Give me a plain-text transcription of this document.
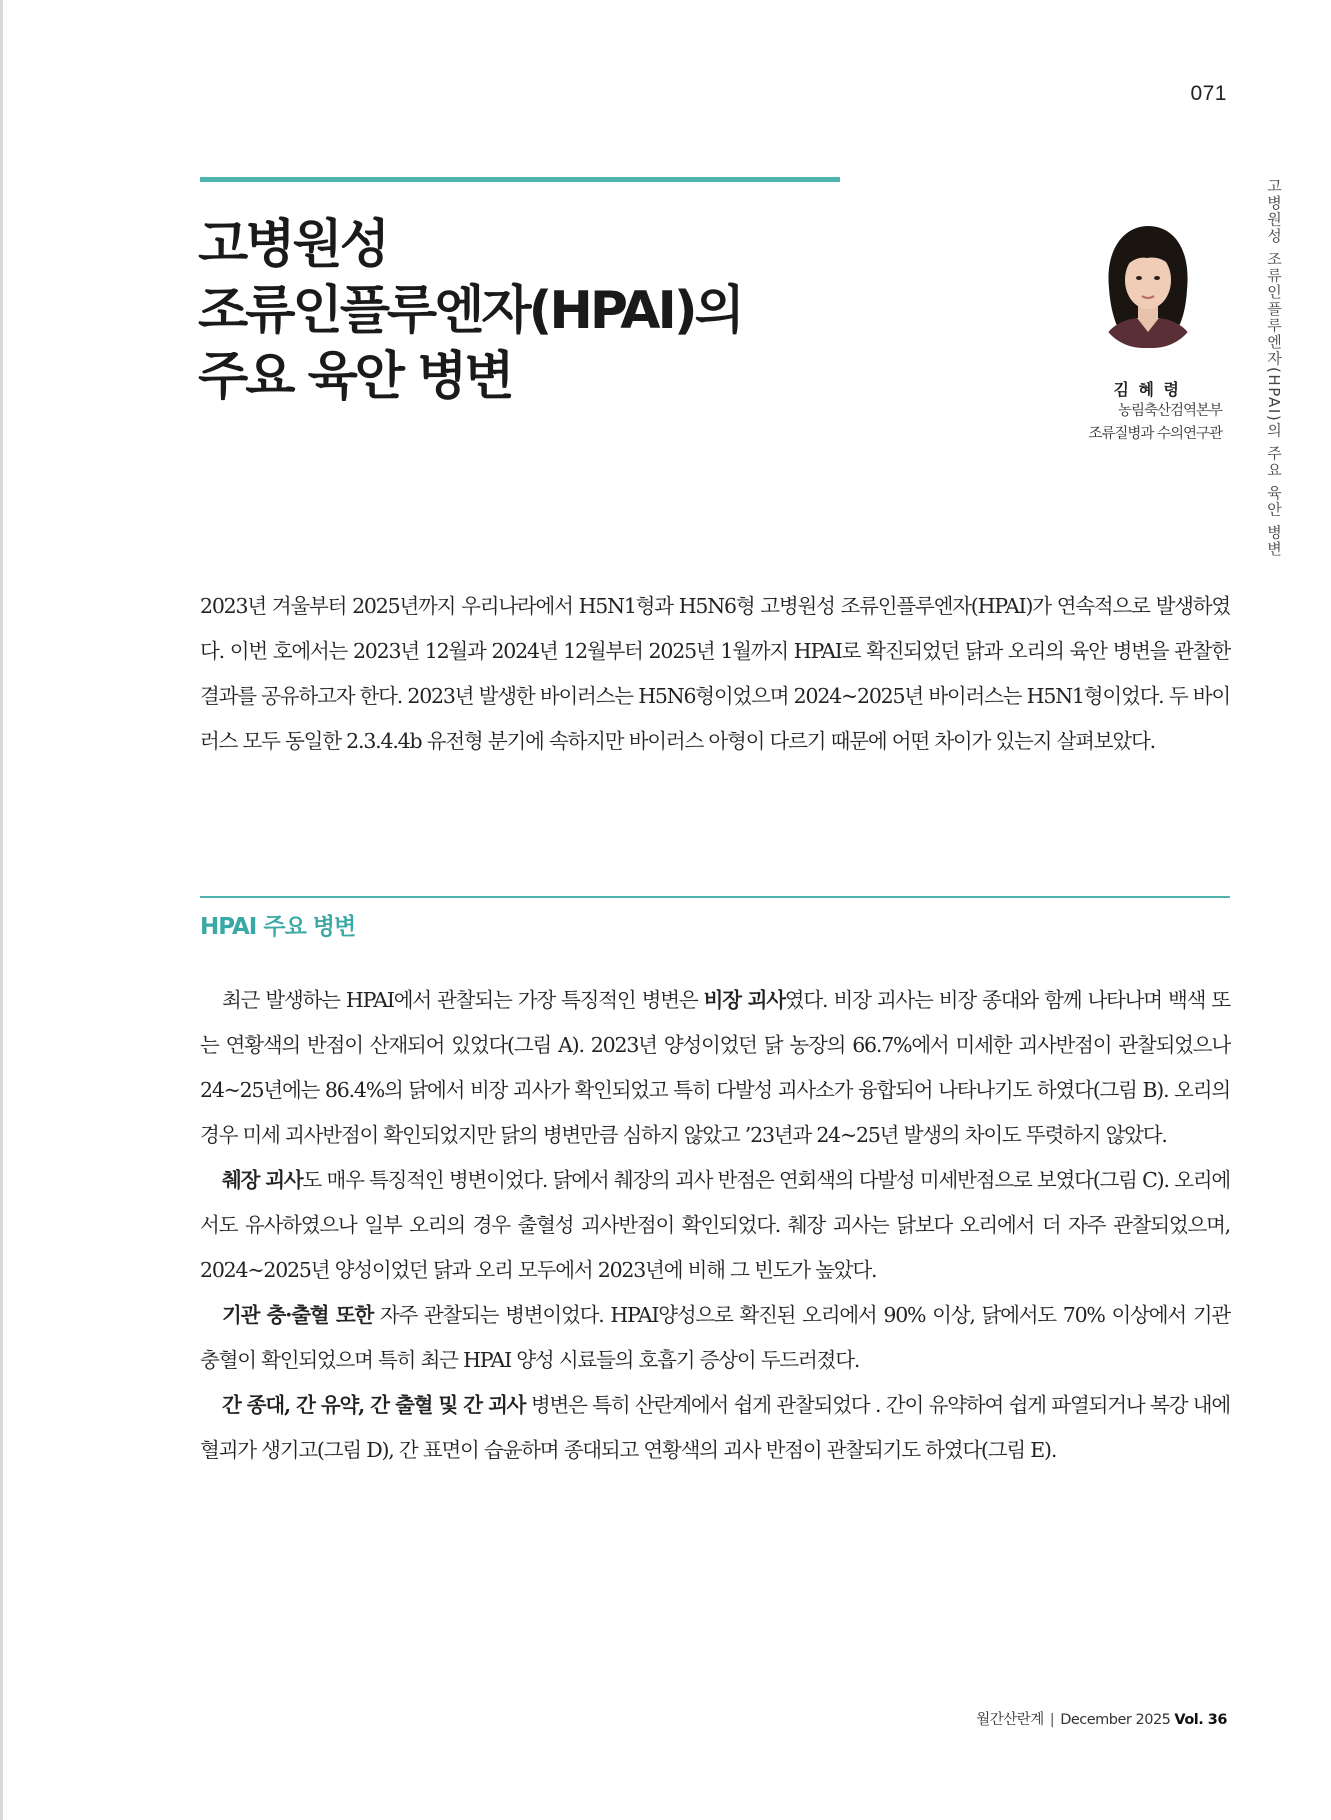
071
고병원성
조류인플루엔자(HPAI)의
주요 육안 병변	김 혜 령
농림축산검역본부
조류질병과 수의연구관	고병원성 조류인플루엔자(HPAI)의 주요 육안 병변

2023년 겨울부터 2025년까지 우리나라에서 H5N1형과 H5N6형 고병원성 조류인플루엔자(HPAI)가 연속적으로 발생하였다. 이번 호에서는 2023년 12월과 2024년 12월부터 2025년 1월까지 HPAI로 확진되었던 닭과 오리의 육안 병변을 관찰한 결과를 공유하고자 한다. 2023년 발생한 바이러스는 H5N6형이었으며 2024~2025년 바이러스는 H5N1형이었다. 두 바이러스 모두 동일한 2.3.4.4b 유전형 분기에 속하지만 바이러스 아형이 다르기 때문에 어떤 차이가 있는지 살펴보았다.

HPAI 주요 병변

최근 발생하는 HPAI에서 관찰되는 가장 특징적인 병변은 비장 괴사였다. 비장 괴사는 비장 종대와 함께 나타나며 백색 또는 연황색의 반점이 산재되어 있었다(그림 A). 2023년 양성이었던 닭 농장의 66.7%에서 미세한 괴사반점이 관찰되었으나 24~25년에는 86.4%의 닭에서 비장 괴사가 확인되었고 특히 다발성 괴사소가 융합되어 나타나기도 하였다(그림 B). 오리의 경우 미세 괴사반점이 확인되었지만 닭의 병변만큼 심하지 않았고 ’23년과 24~25년 발생의 차이도 뚜렷하지 않았다.

췌장 괴사도 매우 특징적인 병변이었다. 닭에서 췌장의 괴사 반점은 연회색의 다발성 미세반점으로 보였다(그림 C). 오리에서도 유사하였으나 일부 오리의 경우 출혈성 괴사반점이 확인되었다. 췌장 괴사는 닭보다 오리에서 더 자주 관찰되었으며, 2024~2025년 양성이었던 닭과 오리 모두에서 2023년에 비해 그 빈도가 높았다.

기관 충·출혈 또한 자주 관찰되는 병변이었다. HPAI양성으로 확진된 오리에서 90% 이상, 닭에서도 70% 이상에서 기관 충혈이 확인되었으며 특히 최근 HPAI 양성 시료들의 호흡기 증상이 두드러졌다.

간 종대, 간 유약, 간 출혈 및 간 괴사 병변은 특히 산란계에서 쉽게 관찰되었다 . 간이 유약하여 쉽게 파열되거나 복강 내에 혈괴가 생기고(그림 D), 간 표면이 습윤하며 종대되고 연황색의 괴사 반점이 관찰되기도 하였다(그림 E).

월간산란계 | December 2025 Vol. 36
